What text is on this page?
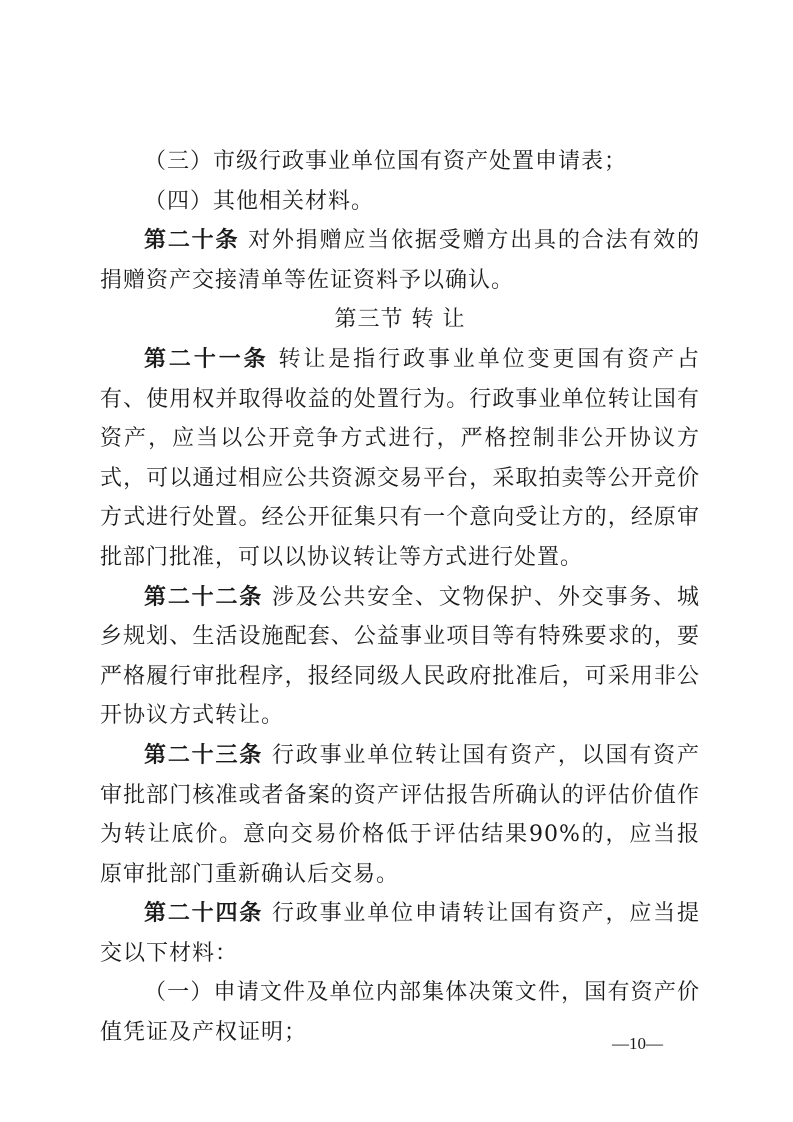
（三）市级行政事业单位国有资产处置申请表；

（四）其他相关材料。

第二十条 对外捐赠应当依据受赠方出具的合法有效的捐赠资产交接清单等佐证资料予以确认。

第三节 转 让

第二十一条 转让是指行政事业单位变更国有资产占有、使用权并取得收益的处置行为。行政事业单位转让国有资产，应当以公开竞争方式进行，严格控制非公开协议方式，可以通过相应公共资源交易平台，采取拍卖等公开竞价方式进行处置。经公开征集只有一个意向受让方的，经原审批部门批准，可以以协议转让等方式进行处置。

第二十二条 涉及公共安全、文物保护、外交事务、城乡规划、生活设施配套、公益事业项目等有特殊要求的，要严格履行审批程序，报经同级人民政府批准后，可采用非公开协议方式转让。

第二十三条 行政事业单位转让国有资产，以国有资产审批部门核准或者备案的资产评估报告所确认的评估价值作为转让底价。意向交易价格低于评估结果90%的，应当报原审批部门重新确认后交易。

第二十四条 行政事业单位申请转让国有资产，应当提交以下材料：

（一）申请文件及单位内部集体决策文件，国有资产价值凭证及产权证明；	—10—
